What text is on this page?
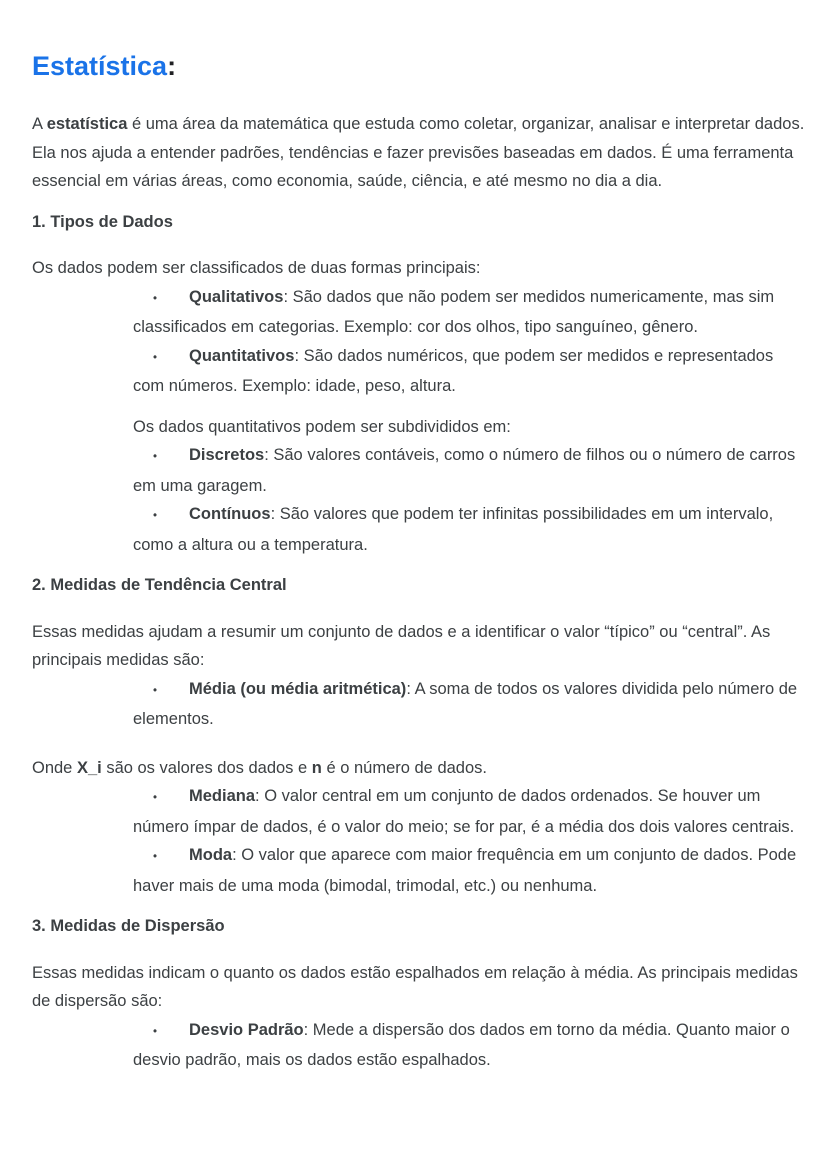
Estatística:
A estatística é uma área da matemática que estuda como coletar, organizar, analisar e interpretar dados. Ela nos ajuda a entender padrões, tendências e fazer previsões baseadas em dados. É uma ferramenta essencial em várias áreas, como economia, saúde, ciência, e até mesmo no dia a dia.
1. Tipos de Dados
Os dados podem ser classificados de duas formas principais:
• Qualitativos: São dados que não podem ser medidos numericamente, mas sim classificados em categorias. Exemplo: cor dos olhos, tipo sanguíneo, gênero.
• Quantitativos: São dados numéricos, que podem ser medidos e representados com números. Exemplo: idade, peso, altura.
Os dados quantitativos podem ser subdivididos em:
• Discretos: São valores contáveis, como o número de filhos ou o número de carros em uma garagem.
• Contínuos: São valores que podem ter infinitas possibilidades em um intervalo, como a altura ou a temperatura.
2. Medidas de Tendência Central
Essas medidas ajudam a resumir um conjunto de dados e a identificar o valor “típico” ou “central”. As principais medidas são:
• Média (ou média aritmética): A soma de todos os valores dividida pelo número de elementos.
Onde X_i são os valores dos dados e n é o número de dados.
• Mediana: O valor central em um conjunto de dados ordenados. Se houver um número ímpar de dados, é o valor do meio; se for par, é a média dos dois valores centrais.
• Moda: O valor que aparece com maior frequência em um conjunto de dados. Pode haver mais de uma moda (bimodal, trimodal, etc.) ou nenhuma.
3. Medidas de Dispersão
Essas medidas indicam o quanto os dados estão espalhados em relação à média. As principais medidas de dispersão são:
• Desvio Padrão: Mede a dispersão dos dados em torno da média. Quanto maior o desvio padrão, mais os dados estão espalhados.
